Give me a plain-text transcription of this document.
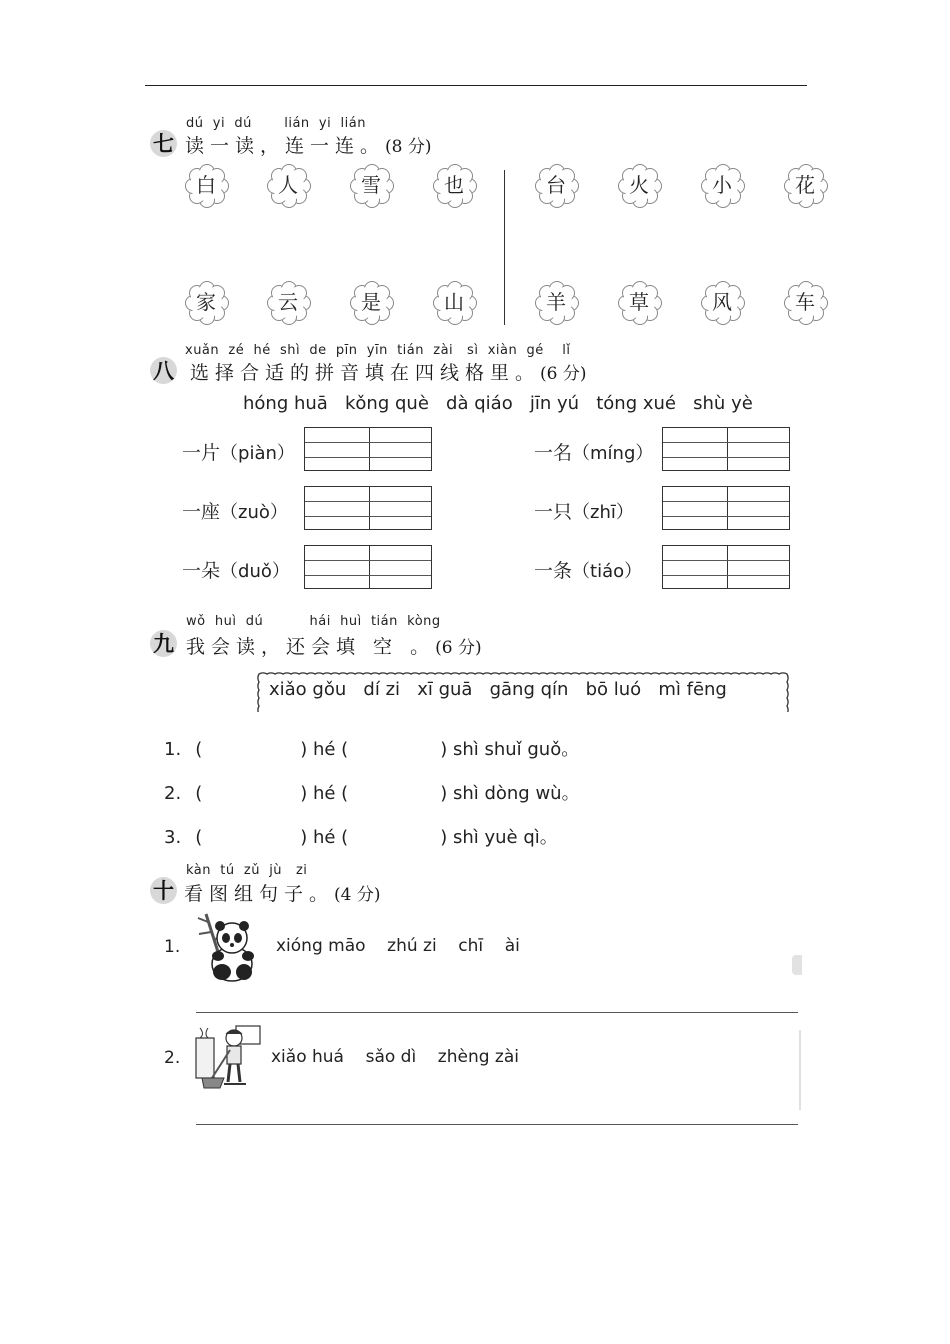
dú  yi  dú       lián  yi  lián
七 读一读，连一连。(8 分)
白	人	雪	也	台	火	小	花
家	云	是	山	羊	草	风	车
xuǎn  zé  hé  shì  de  pīn  yīn  tián  zài   sì  xiàn  gé    lǐ
八 选择合适的拼音填在四线格里。(6 分)
hóng huā   kǒng què   dà qiáo   jīn yú   tóng xué   shù yè
一片（piàn）	一名（míng）
一座（zuò）	一只（zhī）
一朵（duǒ）	一条（tiáo）
wǒ  huì  dú          hái  huì  tián  kòng
九 我会读，还会填 空 。(6 分)
xiǎo gǒu   dí zi   xī guā   gāng qín   bō luó   mì fēng
1. (	) hé (	) shì shuǐ guǒ。
2. (	) hé (	) shì dòng wù。
3. (	) hé (	) shì yuè qì。
kàn  tú  zǔ  jù   zi
十 看图组句子。(4 分)
1.	xióng māo    zhú zi    chī    ài
2.	xiǎo huá    sǎo dì    zhèng zài
